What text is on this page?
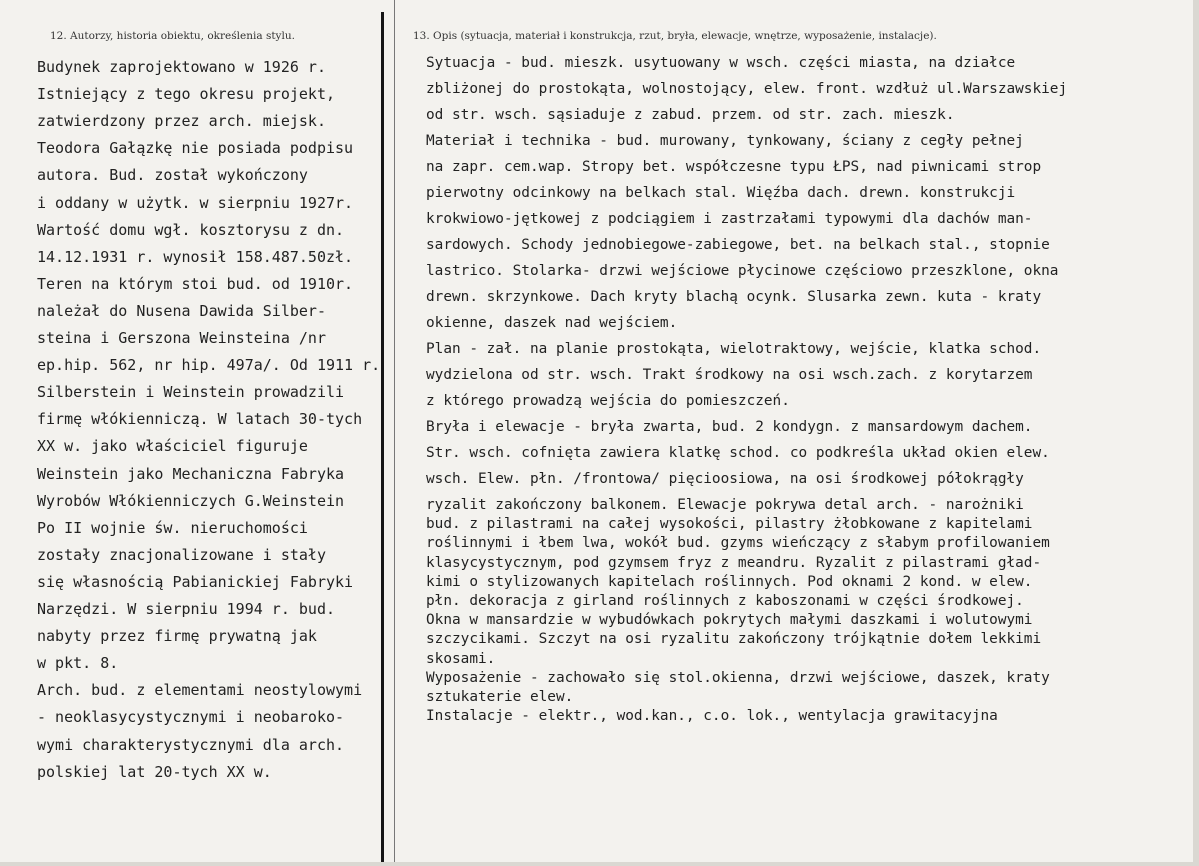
12. Autorzy, historia obiektu, określenia stylu.	13. Opis (sytuacja, materiał i konstrukcja, rzut, bryła, elewacje, wnętrze, wyposażenie, instalacje).
Budynek zaprojektowano w 1926 r.
Istniejący z tego okresu projekt,
zatwierdzony przez arch. miejsk.
Teodora Gałązkę nie posiada podpisu
autora. Bud. został wykończony
i oddany w użytk. w sierpniu 1927r.
Wartość domu wgł. kosztorysu z dn.
14.12.1931 r. wynosił 158.487.50zł.
Teren na którym stoi bud. od 1910r.
należał do Nusena Dawida Silber-
steina i Gerszona Weinsteina /nr
ep.hip. 562, nr hip. 497a/. Od 1911 r.
Silberstein i Weinstein prowadzili
firmę włókienniczą. W latach 30-tych
XX w. jako właściciel figuruje
Weinstein jako Mechaniczna Fabryka
Wyrobów Włókienniczych G.Weinstein
Po II wojnie św. nieruchomości
zostały znacjonalizowane i stały
się własnością Pabianickiej Fabryki
Narzędzi. W sierpniu 1994 r. bud.
nabyty przez firmę prywatną jak
w pkt. 8.
Arch. bud. z elementami neostylowymi
- neoklasycystycznymi i neobaroko-
wymi charakterystycznymi dla arch.
polskiej lat 20-tych XX w.
Sytuacja - bud. mieszk. usytuowany w wsch. części miasta, na działce
zbliżonej do prostokąta, wolnostojący, elew. front. wzdłuż ul.Warszawskiej
od str. wsch. sąsiaduje z zabud. przem. od str. zach. mieszk.
Materiał i technika - bud. murowany, tynkowany, ściany z cegły pełnej
na zapr. cem.wap. Stropy bet. współczesne typu ŁPS, nad piwnicami strop
pierwotny odcinkowy na belkach stal. Więźba dach. drewn. konstrukcji
krokwiowo-jętkowej z podciągiem i zastrzałami typowymi dla dachów man-
sardowych. Schody jednobiegowe-zabiegowe, bet. na belkach stal., stopnie
lastrico. Stolarka- drzwi wejściowe płycinowe częściowo przeszklone, okna
drewn. skrzynkowe. Dach kryty blachą ocynk. Slusarka zewn. kuta - kraty
okienne, daszek nad wejściem.
Plan - zał. na planie prostokąta, wielotraktowy, wejście, klatka schod.
wydzielona od str. wsch. Trakt środkowy na osi wsch.zach. z korytarzem
z którego prowadzą wejścia do pomieszczeń.
Bryła i elewacje - bryła zwarta, bud. 2 kondygn. z mansardowym dachem.
Str. wsch. cofnięta zawiera klatkę schod. co podkreśla układ okien elew.
wsch. Elew. płn. /frontowa/ pięcioosiowa, na osi środkowej półokrągły
ryzalit zakończony balkonem. Elewacje pokrywa detal arch. - narożniki
bud. z pilastrami na całej wysokości, pilastry żłobkowane z kapitelami
roślinnymi i łbem lwa, wokół bud. gzyms wieńczący z słabym profilowaniem
klasycystycznym, pod gzymsem fryz z meandru. Ryzalit z pilastrami gład-
kimi o stylizowanych kapitelach roślinnych. Pod oknami 2 kond. w elew.
płn. dekoracja z girland roślinnych z kaboszonami w części środkowej.
Okna w mansardzie w wybudówkach pokrytych małymi daszkami i wolutowymi
szczycikami. Szczyt na osi ryzalitu zakończony trójkątnie dołem lekkimi
skosami.
Wyposażenie - zachowało się stol.okienna, drzwi wejściowe, daszek, kraty
sztukaterie elew.
Instalacje - elektr., wod.kan., c.o. lok., wentylacja grawitacyjna
